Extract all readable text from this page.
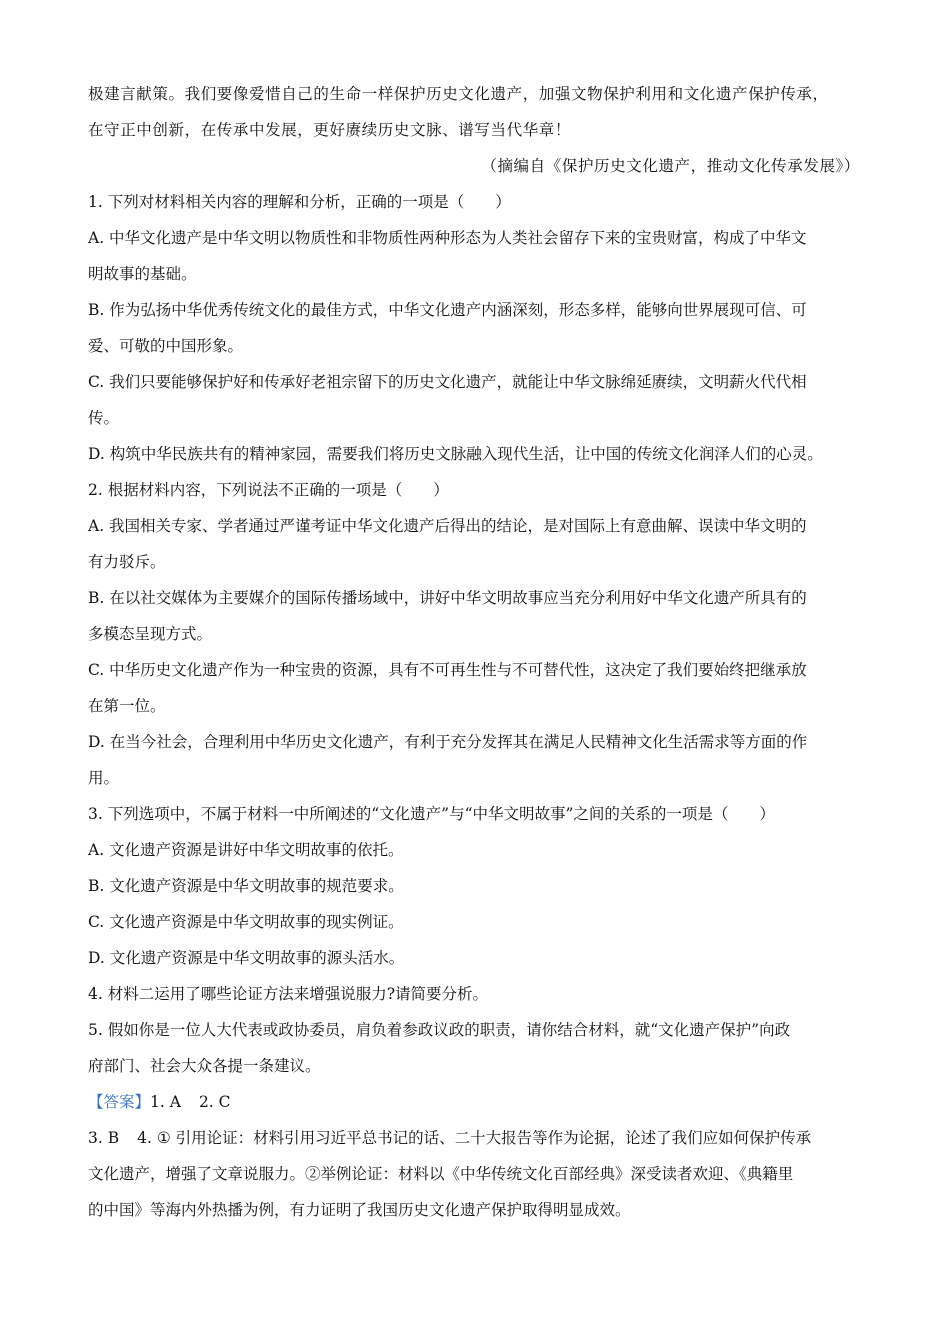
极建言献策。我们要像爱惜自己的生命一样保护历史文化遗产，加强文物保护利用和文化遗产保护传承，
在守正中创新，在传承中发展，更好赓续历史文脉、谱写当代华章！
（摘编自《保护历史文化遗产，推动文化传承发展》）
1. 下列对材料相关内容的理解和分析，正确的一项是（　　）
A. 中华文化遗产是中华文明以物质性和非物质性两种形态为人类社会留存下来的宝贵财富，构成了中华文
明故事的基础。
B. 作为弘扬中华优秀传统文化的最佳方式，中华文化遗产内涵深刻，形态多样，能够向世界展现可信、可
爱、可敬的中国形象。
C. 我们只要能够保护好和传承好老祖宗留下的历史文化遗产，就能让中华文脉绵延赓续，文明薪火代代相
传。
D. 构筑中华民族共有的精神家园，需要我们将历史文脉融入现代生活，让中国的传统文化润泽人们的心灵。
2. 根据材料内容，下列说法不正确的一项是（　　）
A. 我国相关专家、学者通过严谨考证中华文化遗产后得出的结论，是对国际上有意曲解、误读中华文明的
有力驳斥。
B. 在以社交媒体为主要媒介的国际传播场域中，讲好中华文明故事应当充分利用好中华文化遗产所具有的
多模态呈现方式。
C. 中华历史文化遗产作为一种宝贵的资源，具有不可再生性与不可替代性，这决定了我们要始终把继承放
在第一位。
D. 在当今社会，合理利用中华历史文化遗产，有利于充分发挥其在满足人民精神文化生活需求等方面的作
用。
3. 下列选项中，不属于材料一中所阐述的“文化遗产”与“中华文明故事”之间的关系的一项是（　　）
A. 文化遗产资源是讲好中华文明故事的依托。
B. 文化遗产资源是中华文明故事的规范要求。
C. 文化遗产资源是中华文明故事的现实例证。
D. 文化遗产资源是中华文明故事的源头活水。
4. 材料二运用了哪些论证方法来增强说服力?请简要分析。
5. 假如你是一位人大代表或政协委员，肩负着参政议政的职责，请你结合材料，就“文化遗产保护”向政
府部门、社会大众各提一条建议。
【答案】1. A 2. C
3. B 4. ① 引用论证：材料引用习近平总书记的话、二十大报告等作为论据，论述了我们应如何保护传承
文化遗产，增强了文章说服力。②举例论证：材料以《中华传统文化百部经典》深受读者欢迎、《典籍里
的中国》等海内外热播为例，有力证明了我国历史文化遗产保护取得明显成效。
